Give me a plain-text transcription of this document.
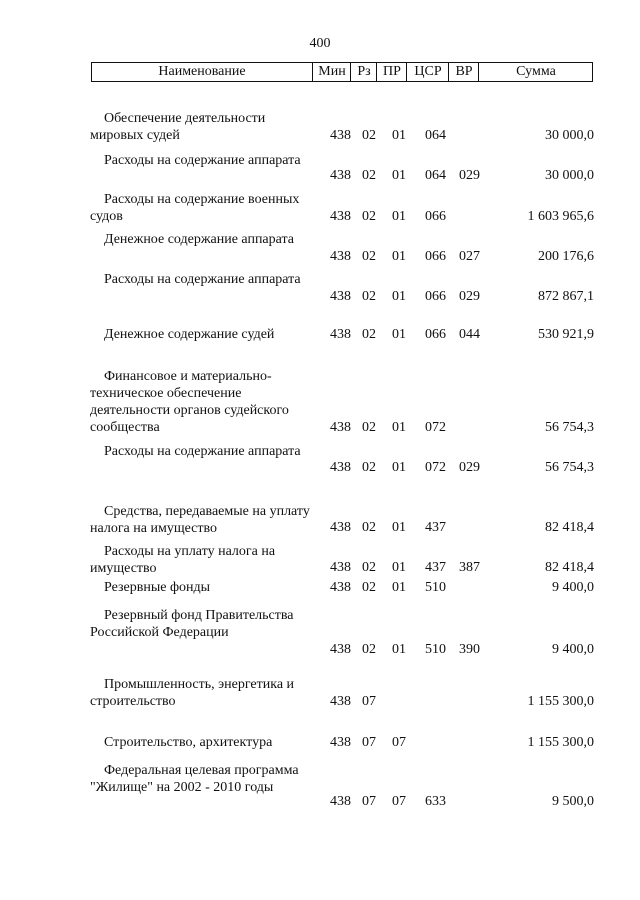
400
Наименование	Мин Рз ПР ЦСР ВР	Сумма
Обеспечение деятельности мировых судей	438 02 01 064	30 000,0
Расходы на содержание аппарата
438 02 01 064 029	30 000,0
Расходы на содержание военных судов	438 02 01 066	1 603 965,6
Денежное содержание аппарата
438 02 01 066 027	200 176,6
Расходы на содержание аппарата
438 02 01 066 029	872 867,1
Денежное содержание судей	438 02 01 066 044	530 921,9
Финансовое и материально-техническое обеспечение деятельности органов судейского сообщества	438 02 01 072	56 754,3
Расходы на содержание аппарата
438 02 01 072 029	56 754,3
Средства, передаваемые на уплату налога на имущество	438 02 01 437	82 418,4
Расходы на уплату налога на имущество	438 02 01 437 387	82 418,4
Резервные фонды	438 02 01 510	9 400,0
Резервный фонд Правительства Российской Федерации
438 02 01 510 390	9 400,0
Промышленность, энергетика и строительство	438 07	1 155 300,0
Строительство, архитектура	438 07 07	1 155 300,0
Федеральная целевая программа "Жилище" на 2002 - 2010 годы
438 07 07 633	9 500,0
